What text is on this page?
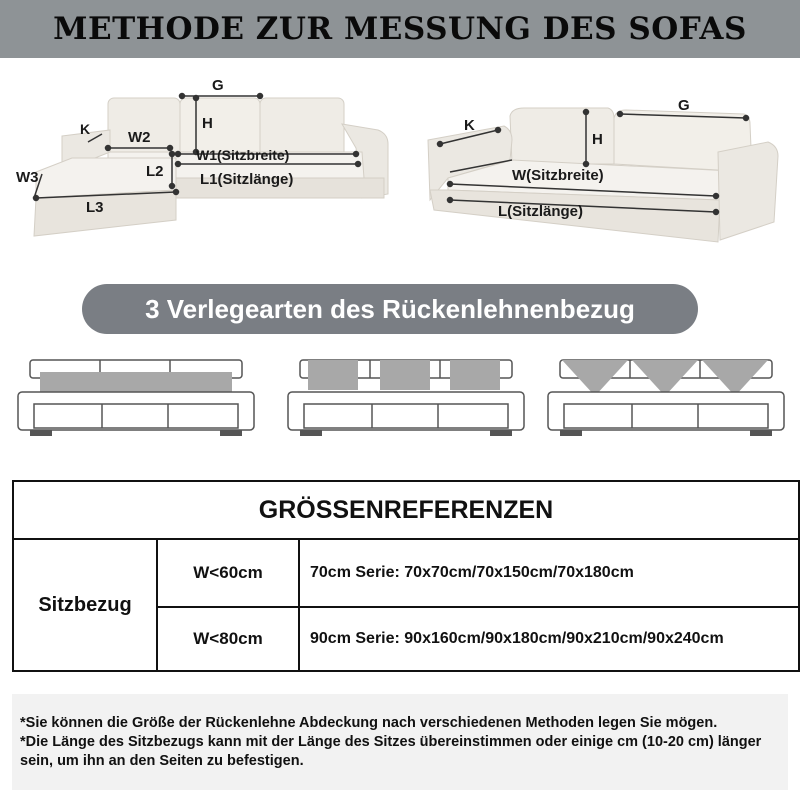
METHODE ZUR MESSUNG DES SOFAS
G
H
K	W2
W3	L2
W1(Sitzbreite)
L1(Sitzlänge)
L3
K
H
G
W(Sitzbreite)
L(Sitzlänge)
3 Verlegearten des Rückenlehnenbezug
GRÖSSENREFERENZEN
Sitzbezug
W<60cm	70cm Serie: 70x70cm/70x150cm/70x180cm
W<80cm	90cm Serie: 90x160cm/90x180cm/90x210cm/90x240cm

*Sie können die Größe der Rückenlehne Abdeckung nach verschiedenen Methoden legen Sie mögen.

*Die Länge des Sitzbezugs kann mit der Länge des Sitzes übereinstimmen oder einige cm (10-20 cm) länger sein, um ihn an den Seiten zu befestigen.
